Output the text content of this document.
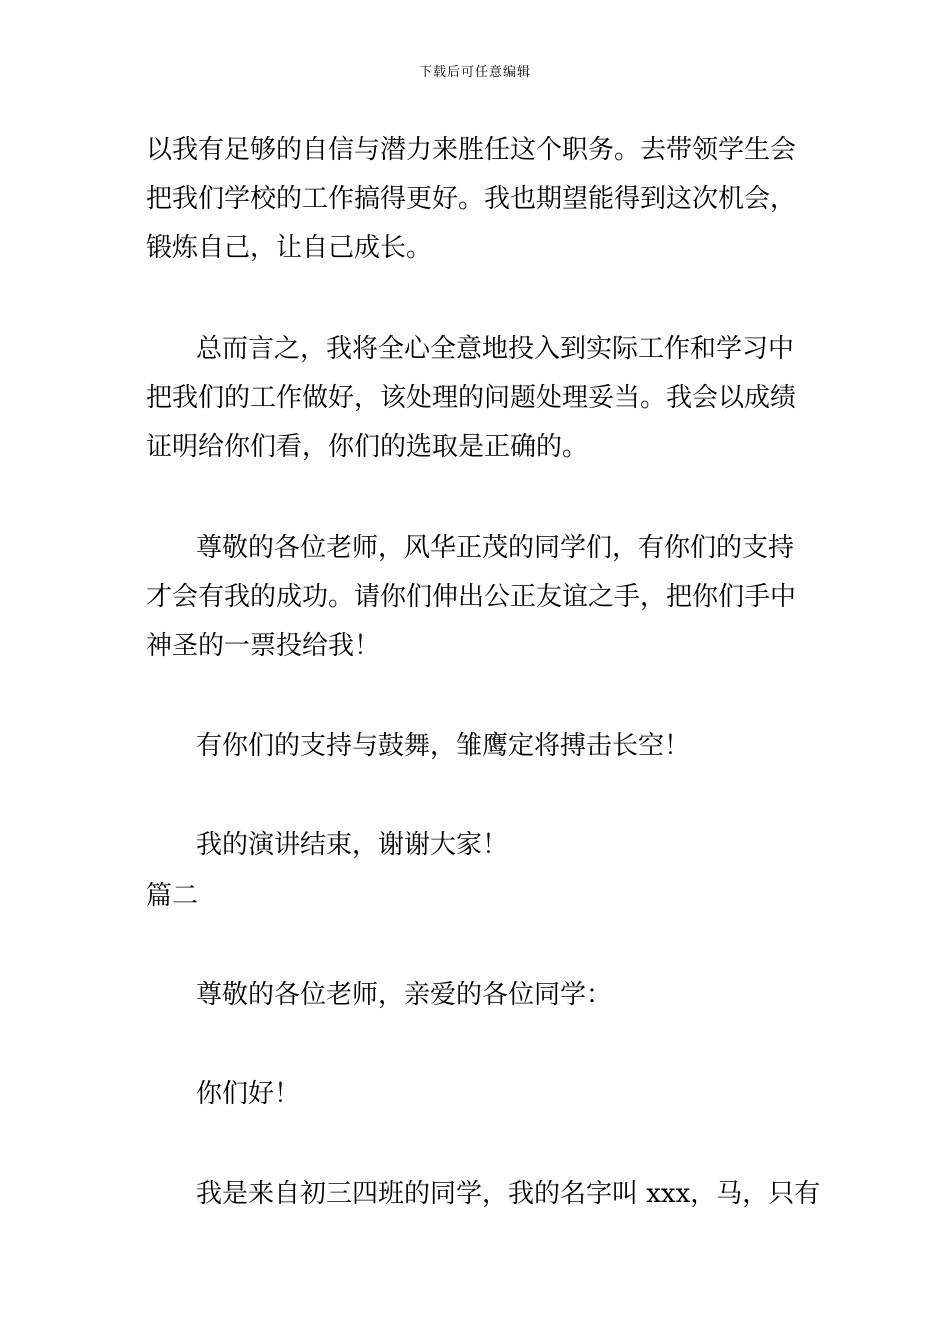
下载后可任意编辑
以我有足够的自信与潜力来胜任这个职务。去带领学生会
把我们学校的工作搞得更好。我也期望能得到这次机会，
锻炼自己，让自己成长。
总而言之，我将全心全意地投入到实际工作和学习中
把我们的工作做好，该处理的问题处理妥当。我会以成绩
证明给你们看，你们的选取是正确的。
尊敬的各位老师，风华正茂的同学们，有你们的支持
才会有我的成功。请你们伸出公正友谊之手，把你们手中
神圣的一票投给我！
有你们的支持与鼓舞，雏鹰定将搏击长空！
我的演讲结束，谢谢大家！
篇二
尊敬的各位老师，亲爱的各位同学：
你们好！
我是来自初三四班的同学，我的名字叫 xxx，马，只有
